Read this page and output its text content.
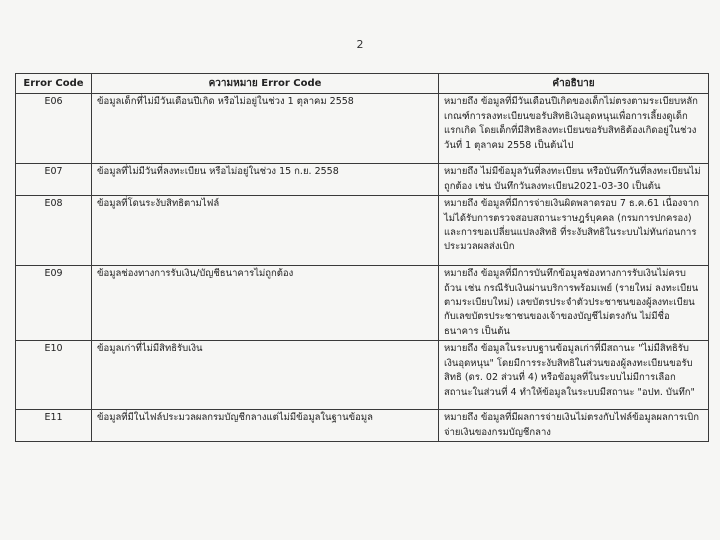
2
Error Code	ความหมาย Error Code	คำอธิบาย
E06	ข้อมูลเด็กที่ไม่มีวันเดือนปีเกิด หรือไม่อยู่ในช่วง 1 ตุลาคม 2558	หมายถึง ข้อมูลที่มีวันเดือนปีเกิดของเด็กไม่ตรงตามระเบียบหลักเกณฑ์การลงทะเบียนขอรับสิทธิเงินอุดหนุนเพื่อการเลี้ยงดูเด็กแรกเกิด โดยเด็กที่มีสิทธิลงทะเบียนขอรับสิทธิต้องเกิดอยู่ในช่วงวันที่ 1 ตุลาคม 2558 เป็นต้นไป
E07	ข้อมูลที่ไม่มีวันที่ลงทะเบียน หรือไม่อยู่ในช่วง 15 ก.ย. 2558	หมายถึง ไม่มีข้อมูลวันที่ลงทะเบียน หรือบันทึกวันที่ลงทะเบียนไม่ถูกต้อง เช่น บันทึกวันลงทะเบียน2021-03-30 เป็นต้น
E08	ข้อมูลที่โดนระงับสิทธิตามไฟล์	หมายถึง ข้อมูลที่มีการจ่ายเงินผิดพลาดรอบ 7 ธ.ค.61 เนื่องจากไม่ได้รับการตรวจสอบสถานะราษฎร์บุคคล (กรมการปกครอง) และการขอเปลี่ยนแปลงสิทธิ ที่ระงับสิทธิในระบบไม่ทันก่อนการประมวลผลส่งเบิก
E09	ข้อมูลช่องทางการรับเงิน/บัญชีธนาคารไม่ถูกต้อง	หมายถึง ข้อมูลที่มีการบันทึกข้อมูลช่องทางการรับเงินไม่ครบถ้วน เช่น กรณีรับเงินผ่านบริการพร้อมเพย์ (รายใหม่ ลงทะเบียนตามระเบียบใหม่) เลขบัตรประจำตัวประชาชนของผู้ลงทะเบียน กับเลขบัตรประชาชนของเจ้าของบัญชีไม่ตรงกัน ไม่มีชื่อธนาคาร เป็นต้น
E10	ข้อมูลเก่าที่ไม่มีสิทธิรับเงิน	หมายถึง ข้อมูลในระบบฐานข้อมูลเก่าที่มีสถานะ "ไม่มีสิทธิรับเงินอุดหนุน" โดยมีการระงับสิทธิในส่วนของผู้ลงทะเบียนขอรับสิทธิ (ดร. 02 ส่วนที่ 4) หรือข้อมูลที่ในระบบไม่มีการเลือกสถานะในส่วนที่ 4 ทำให้ข้อมูลในระบบมีสถานะ "อปท. บันทึก"
E11	ข้อมูลที่มีในไฟล์ประมวลผลกรมบัญชีกลางแต่ไม่มีข้อมูลในฐานข้อมูล	หมายถึง ข้อมูลที่มีผลการจ่ายเงินไม่ตรงกับไฟล์ข้อมูลผลการเบิกจ่ายเงินของกรมบัญชีกลาง
